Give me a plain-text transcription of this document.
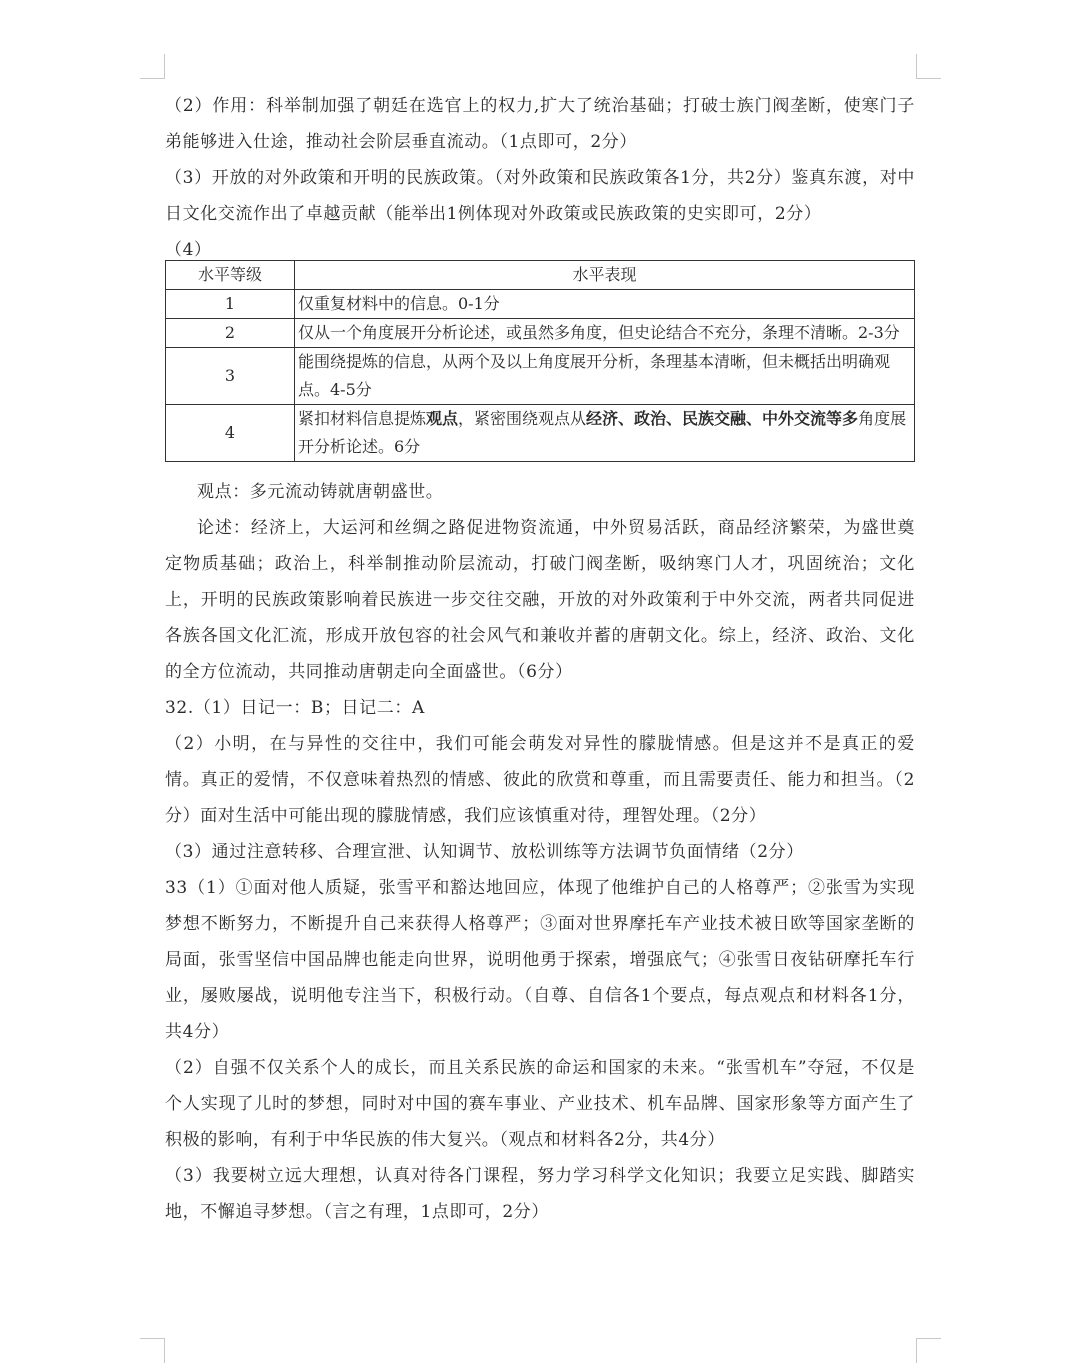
（2）作用：科举制加强了朝廷在选官上的权力,扩大了统治基础；打破士族门阀垄断，使寒门子弟能够进入仕途，推动社会阶层垂直流动。（1点即可，2分）

（3）开放的对外政策和开明的民族政策。（对外政策和民族政策各1分，共2分）鉴真东渡，对中日文化交流作出了卓越贡献（能举出1例体现对外政策或民族政策的史实即可，2分）

（4）

水平等级	水平表现
1	仅重复材料中的信息。0-1分
2	仅从一个角度展开分析论述，或虽然多角度，但史论结合不充分，条理不清晰。2-3分
3	能围绕提炼的信息，从两个及以上角度展开分析，条理基本清晰，但未概括出明确观点。4-5分
4	紧扣材料信息提炼观点，紧密围绕观点从经济、政治、民族交融、中外交流等多角度展开分析论述。6分

观点：多元流动铸就唐朝盛世。

论述：经济上，大运河和丝绸之路促进物资流通，中外贸易活跃，商品经济繁荣，为盛世奠定物质基础；政治上，科举制推动阶层流动，打破门阀垄断，吸纳寒门人才，巩固统治；文化上，开明的民族政策影响着民族进一步交往交融，开放的对外政策利于中外交流，两者共同促进各族各国文化汇流，形成开放包容的社会风气和兼收并蓄的唐朝文化。综上，经济、政治、文化的全方位流动，共同推动唐朝走向全面盛世。（6分）

32.（1）日记一：B；日记二：A

（2）小明，在与异性的交往中，我们可能会萌发对异性的朦胧情感。但是这并不是真正的爱情。真正的爱情，不仅意味着热烈的情感、彼此的欣赏和尊重，而且需要责任、能力和担当。（2分）面对生活中可能出现的朦胧情感，我们应该慎重对待，理智处理。（2分）

（3）通过注意转移、合理宣泄、认知调节、放松训练等方法调节负面情绪（2分）

33（1）①面对他人质疑，张雪平和豁达地回应，体现了他维护自己的人格尊严；②张雪为实现梦想不断努力，不断提升自己来获得人格尊严；③面对世界摩托车产业技术被日欧等国家垄断的局面，张雪坚信中国品牌也能走向世界，说明他勇于探索，增强底气；④张雪日夜钻研摩托车行业，屡败屡战，说明他专注当下，积极行动。（自尊、自信各1个要点，每点观点和材料各1分，共4分）

（2）自强不仅关系个人的成长，而且关系民族的命运和国家的未来。“张雪机车”夺冠，不仅是个人实现了儿时的梦想，同时对中国的赛车事业、产业技术、机车品牌、国家形象等方面产生了积极的影响，有利于中华民族的伟大复兴。（观点和材料各2分，共4分）

（3）我要树立远大理想，认真对待各门课程，努力学习科学文化知识；我要立足实践、脚踏实地，不懈追寻梦想。（言之有理，1点即可，2分）
